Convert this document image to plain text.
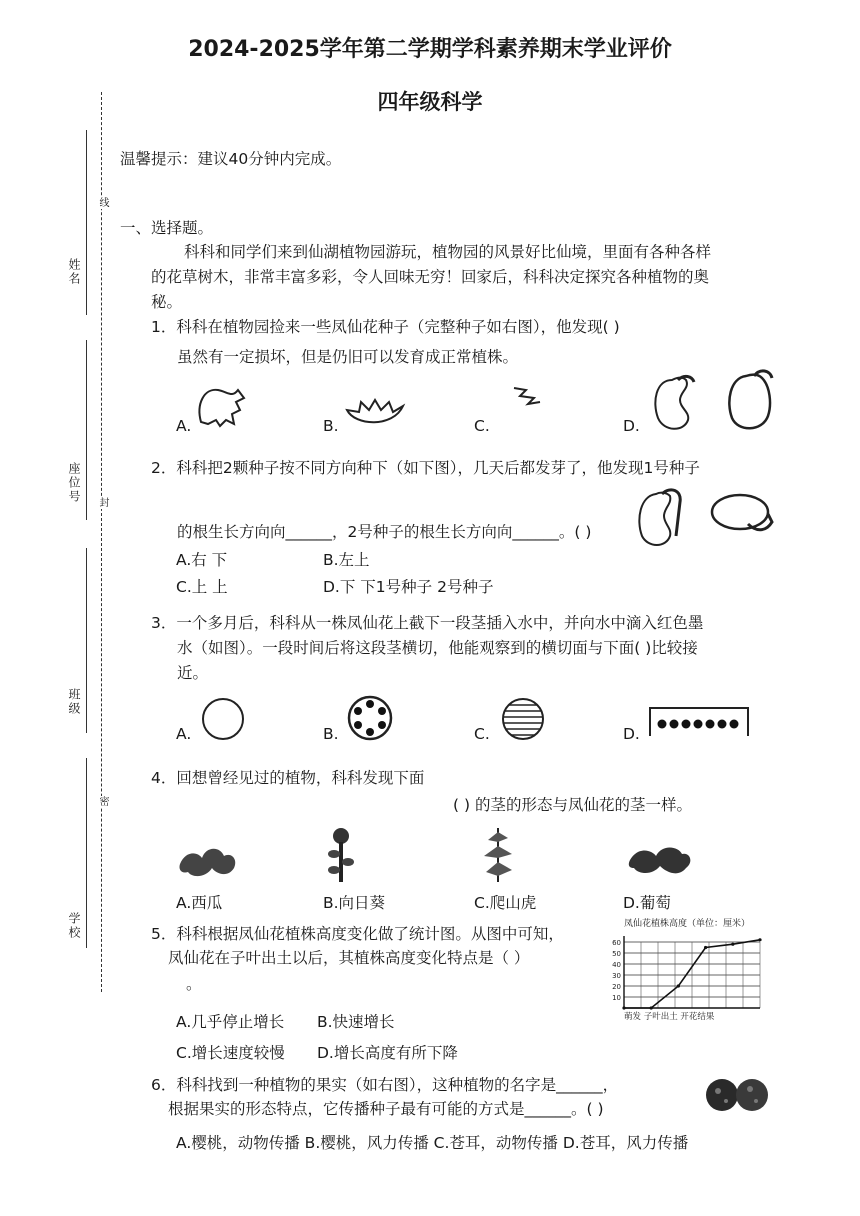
2024-2025学年第二学期学科素养期末学业评价
四年级科学
姓名
座位号
班级
学校
线
封
密
温馨提示：建议40分钟内完成。
一、选择题。
科科和同学们来到仙湖植物园游玩，植物园的风景好比仙境，里面有各种各样
的花草树木，非常丰富多彩，令人回味无穷！回家后，科科决定探究各种植物的奥
秘。
1．科科在植物园捡来一些凤仙花种子（完整种子如右图），他发现( )
虽然有一定损坏，但是仍旧可以发育成正常植株。
A.	B.	C.	D.
2．科科把2颗种子按不同方向种下（如下图），几天后都发芽了，他发现1号种子
的根生长方向向______，2号种子的根生长方向向______。( )
A.右 下	B.左上
C.上 上	D.下 下1号种子 2号种子
3．一个多月后，科科从一株凤仙花上截下一段茎插入水中，并向水中滴入红色墨
水（如图）。一段时间后将这段茎横切，他能观察到的横切面与下面( )比较接
近。
A.	B.	C.	D.
4．回想曾经见过的植物，科科发现下面
( ) 的茎的形态与凤仙花的茎一样。
A.西瓜	B.向日葵	C.爬山虎	D.葡萄
5．科科根据凤仙花植株高度变化做了统计图。从图中可知，
凤仙花在子叶出土以后，其植株高度变化特点是（ ）
。
A.几乎停止增长 B.快速增长
C.增长速度较慢 D.增长高度有所下降
凤仙花植株高度（单位：厘米）
10
20
30
40
50
60
萌发 子叶出土 开花结果
6．科科找到一种植物的果实（如右图），这种植物的名字是______，
根据果实的形态特点，它传播种子最有可能的方式是______。( )
A.樱桃，动物传播 B.樱桃，风力传播 C.苍耳，动物传播 D.苍耳，风力传播
